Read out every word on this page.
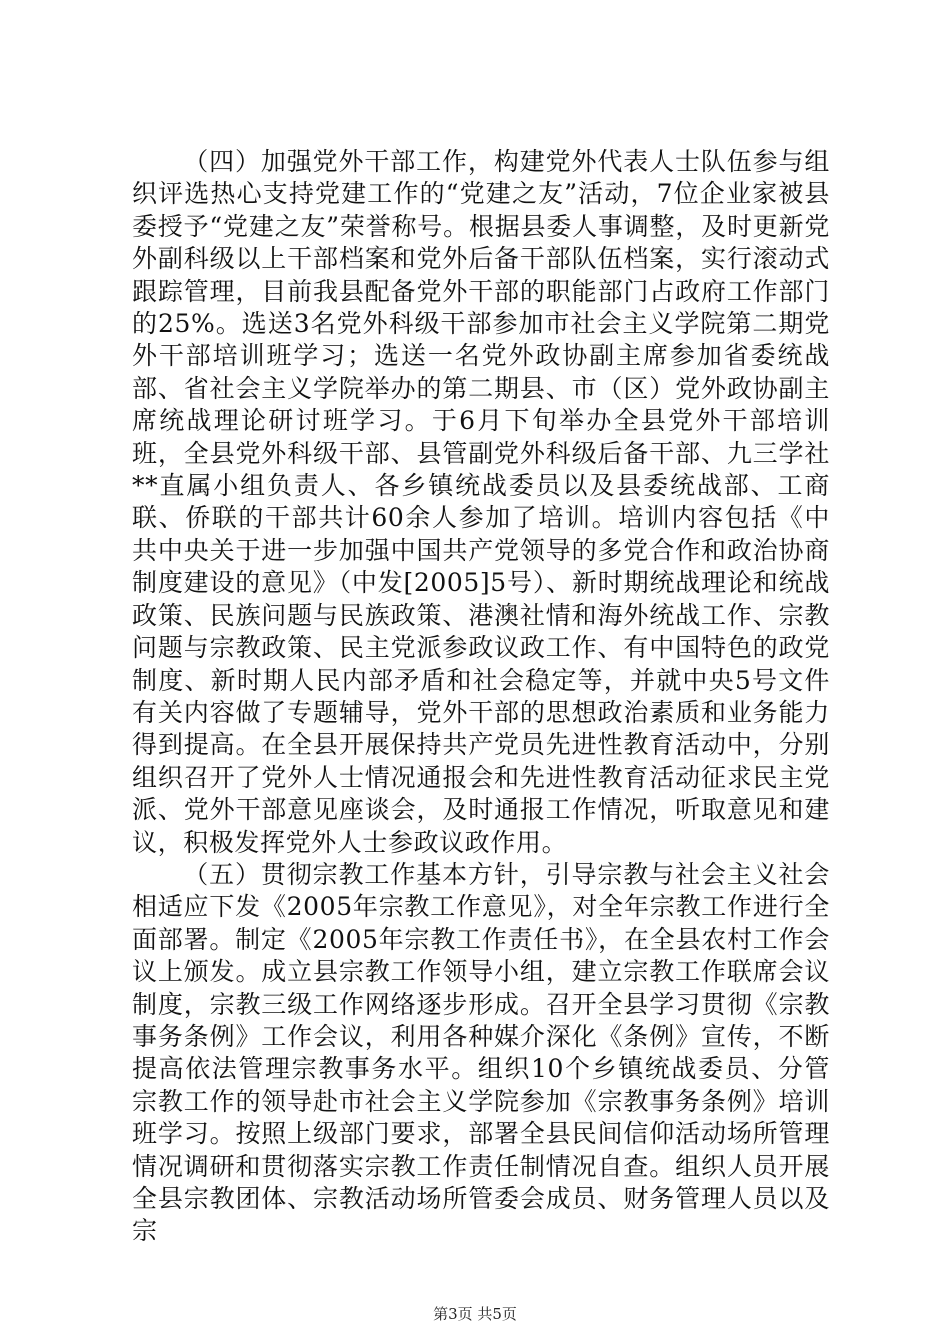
（四）加强党外干部工作，构建党外代表人士队伍参与组织评选热心支持党建工作的“党建之友”活动，7位企业家被县委授予“党建之友”荣誉称号。根据县委人事调整，及时更新党外副科级以上干部档案和党外后备干部队伍档案，实行滚动式跟踪管理，目前我县配备党外干部的职能部门占政府工作部门的25%。选送3名党外科级干部参加市社会主义学院第二期党外干部培训班学习；选送一名党外政协副主席参加省委统战部、省社会主义学院举办的第二期县、市（区）党外政协副主席统战理论研讨班学习。于6月下旬举办全县党外干部培训班，全县党外科级干部、县管副党外科级后备干部、九三学社**直属小组负责人、各乡镇统战委员以及县委统战部、工商联、侨联的干部共计60余人参加了培训。培训内容包括《中共中央关于进一步加强中国共产党领导的多党合作和政治协商制度建设的意见》（中发[2005]5号）、新时期统战理论和统战政策、民族问题与民族政策、港澳社情和海外统战工作、宗教问题与宗教政策、民主党派参政议政工作、有中国特色的政党制度、新时期人民内部矛盾和社会稳定等，并就中央5号文件有关内容做了专题辅导，党外干部的思想政治素质和业务能力得到提高。在全县开展保持共产党员先进性教育活动中，分别组织召开了党外人士情况通报会和先进性教育活动征求民主党派、党外干部意见座谈会，及时通报工作情况，听取意见和建议，积极发挥党外人士参政议政作用。

（五）贯彻宗教工作基本方针，引导宗教与社会主义社会相适应下发《2005年宗教工作意见》，对全年宗教工作进行全面部署。制定《2005年宗教工作责任书》，在全县农村工作会议上颁发。成立县宗教工作领导小组，建立宗教工作联席会议制度，宗教三级工作网络逐步形成。召开全县学习贯彻《宗教事务条例》工作会议，利用各种媒介深化《条例》宣传，不断提高依法管理宗教事务水平。组织10个乡镇统战委员、分管宗教工作的领导赴市社会主义学院参加《宗教事务条例》培训班学习。按照上级部门要求，部署全县民间信仰活动场所管理情况调研和贯彻落实宗教工作责任制情况自查。组织人员开展全县宗教团体、宗教活动场所管委会成员、财务管理人员以及宗

第3页 共5页
